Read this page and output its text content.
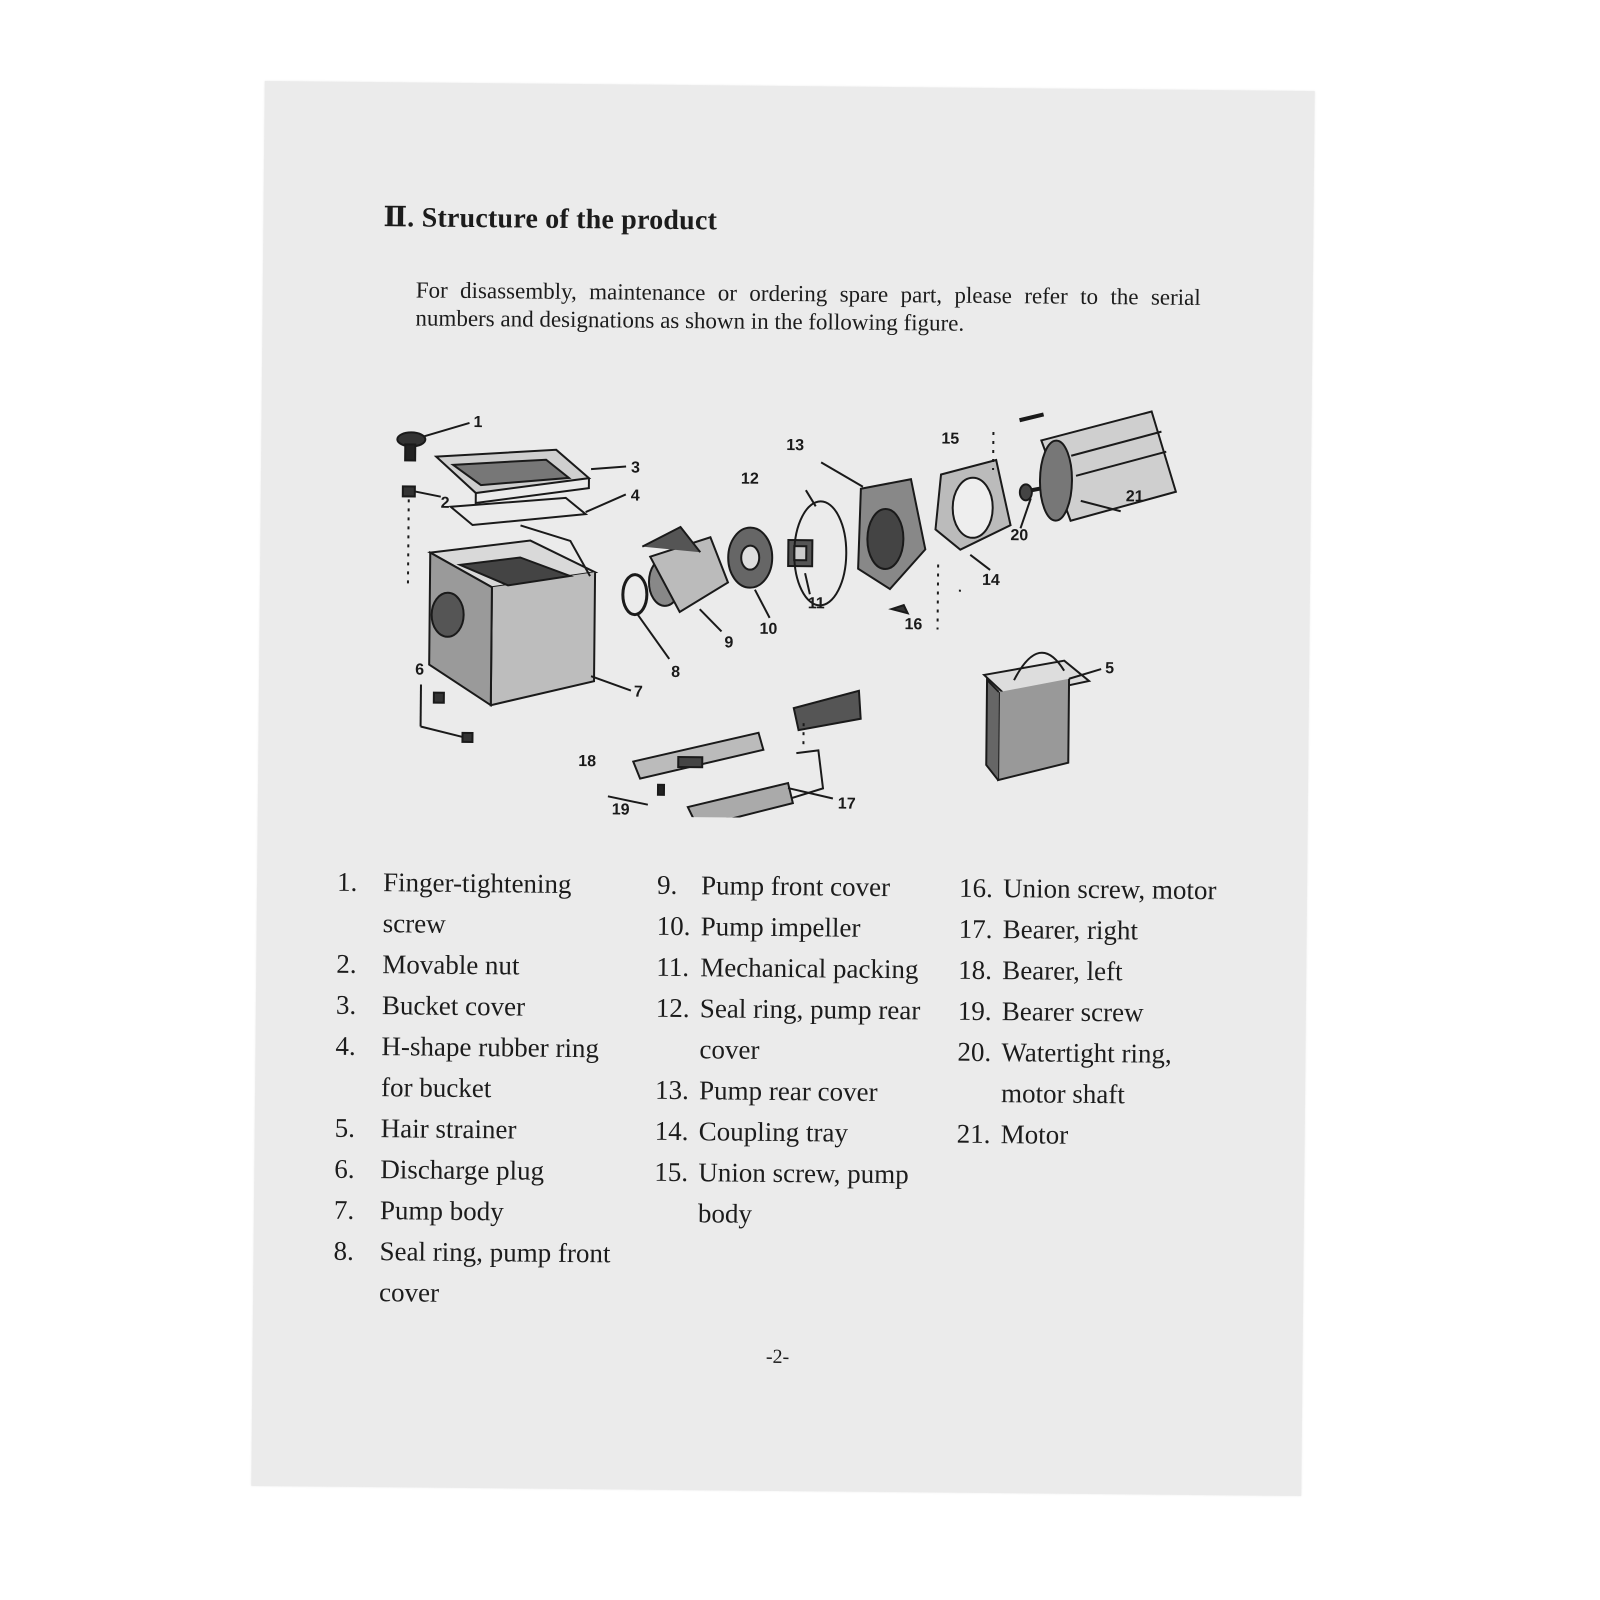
Ⅱ. Structure of the product
For disassembly, maintenance or ordering spare part, please refer to the serial numbers and designations as shown in the following figure.
1
2
3
4
5
6
7
8
9
10
11
12
13
14
15
16
17
18
19
20
21
1. Finger-tightening screw
2. Movable nut
3. Bucket cover
4. H-shape rubber ring for bucket
5. Hair strainer
6. Discharge plug
7. Pump body
8. Seal ring, pump front cover
9. Pump front cover
10. Pump impeller
11. Mechanical packing
12. Seal ring, pump rear cover
13. Pump rear cover
14. Coupling tray
15. Union screw, pump body
16. Union screw, motor
17. Bearer, right
18. Bearer, left
19. Bearer screw
20. Watertight ring, motor shaft
21. Motor
-2-
